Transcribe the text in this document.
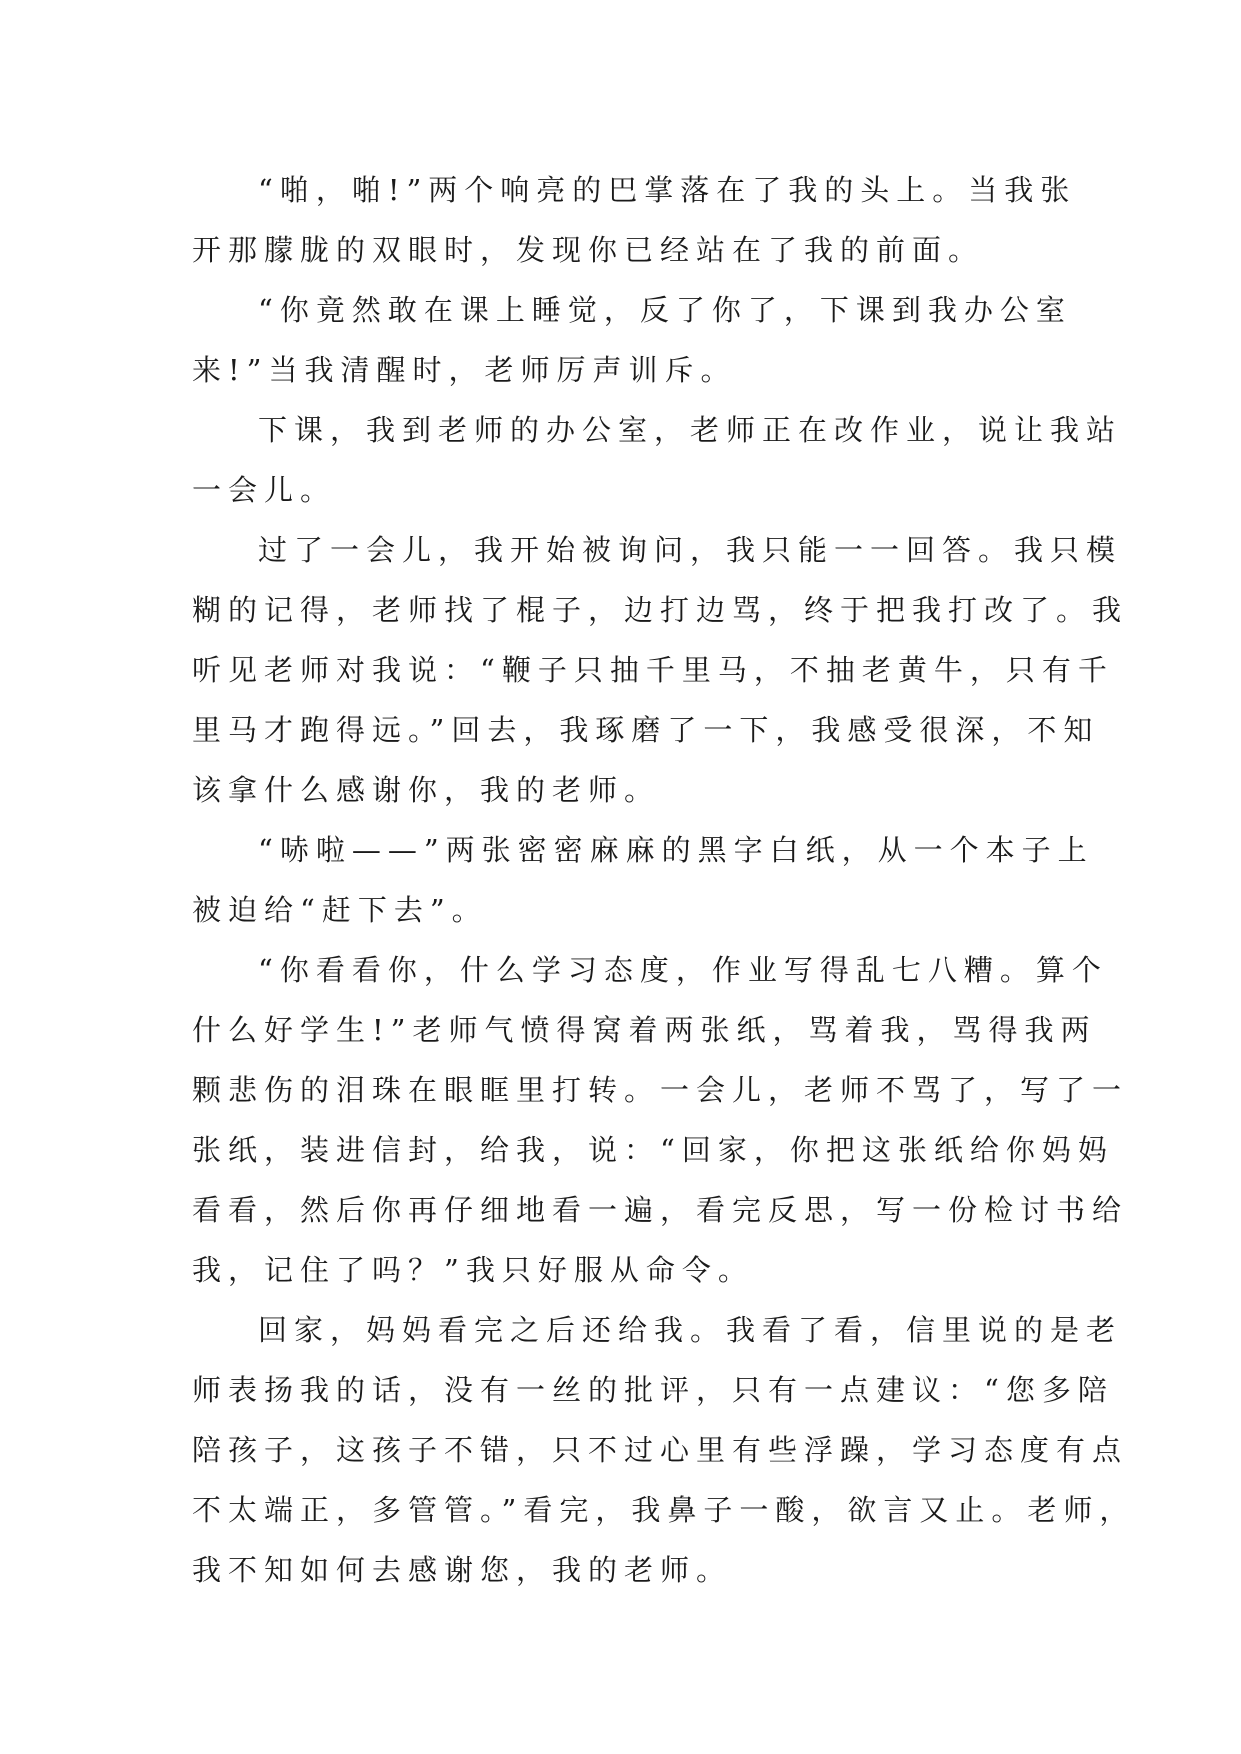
“啪，啪!”两个响亮的巴掌落在了我的头上。当我张
开那朦胧的双眼时，发现你已经站在了我的前面。
“你竟然敢在课上睡觉，反了你了，下课到我办公室
来!”当我清醒时，老师厉声训斥。
下课，我到老师的办公室，老师正在改作业，说让我站
一会儿。
过了一会儿，我开始被询问，我只能一一回答。我只模
糊的记得，老师找了棍子，边打边骂，终于把我打改了。我
听见老师对我说：“鞭子只抽千里马，不抽老黄牛，只有千
里马才跑得远。”回去，我琢磨了一下，我感受很深，不知
该拿什么感谢你，我的老师。
“哧啦——”两张密密麻麻的黑字白纸，从一个本子上
被迫给“赶下去”。
“你看看你，什么学习态度，作业写得乱七八糟。算个
什么好学生!”老师气愤得窝着两张纸，骂着我，骂得我两
颗悲伤的泪珠在眼眶里打转。一会儿，老师不骂了，写了一
张纸，装进信封，给我，说：“回家，你把这张纸给你妈妈
看看，然后你再仔细地看一遍，看完反思，写一份检讨书给
我，记住了吗？”我只好服从命令。
回家，妈妈看完之后还给我。我看了看，信里说的是老
师表扬我的话，没有一丝的批评，只有一点建议：“您多陪
陪孩子，这孩子不错，只不过心里有些浮躁，学习态度有点
不太端正，多管管。”看完，我鼻子一酸，欲言又止。老师，
我不知如何去感谢您，我的老师。
